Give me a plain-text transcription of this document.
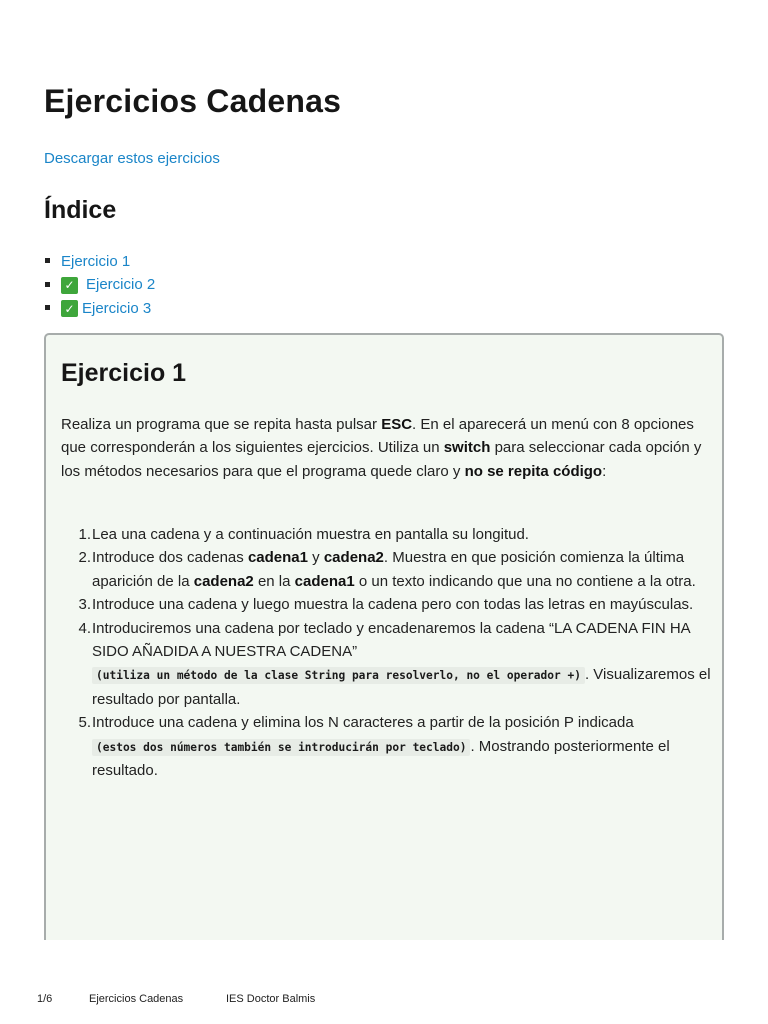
Ejercicios Cadenas
Descargar estos ejercicios
Índice
Ejercicio 1
✓ Ejercicio 2
✓ Ejercicio 3
Ejercicio 1

Realiza un programa que se repita hasta pulsar ESC. En el aparecerá un menú con 8 opciones que corresponderán a los siguientes ejercicios. Utiliza un switch para seleccionar cada opción y los métodos necesarios para que el programa quede claro y no se repita código:

1. Lea una cadena y a continuación muestra en pantalla su longitud.
2. Introduce dos cadenas cadena1 y cadena2. Muestra en que posición comienza la última aparición de la cadena2 en la cadena1 o un texto indicando que una no contiene a la otra.
3. Introduce una cadena y luego muestra la cadena pero con todas las letras en mayúsculas.
4. Introduciremos una cadena por teclado y encadenaremos la cadena “LA CADENA FIN HA SIDO AÑADIDA A NUESTRA CADENA”
(utiliza un método de la clase String para resolverlo, no el operador +) . Visualizaremos el resultado por pantalla.
5. Introduce una cadena y elimina los N caracteres a partir de la posición P indicada
(estos dos números también se introducirán por teclado) . Mostrando posteriormente el resultado.
1/6	Ejercicios Cadenas	IES Doctor Balmis
